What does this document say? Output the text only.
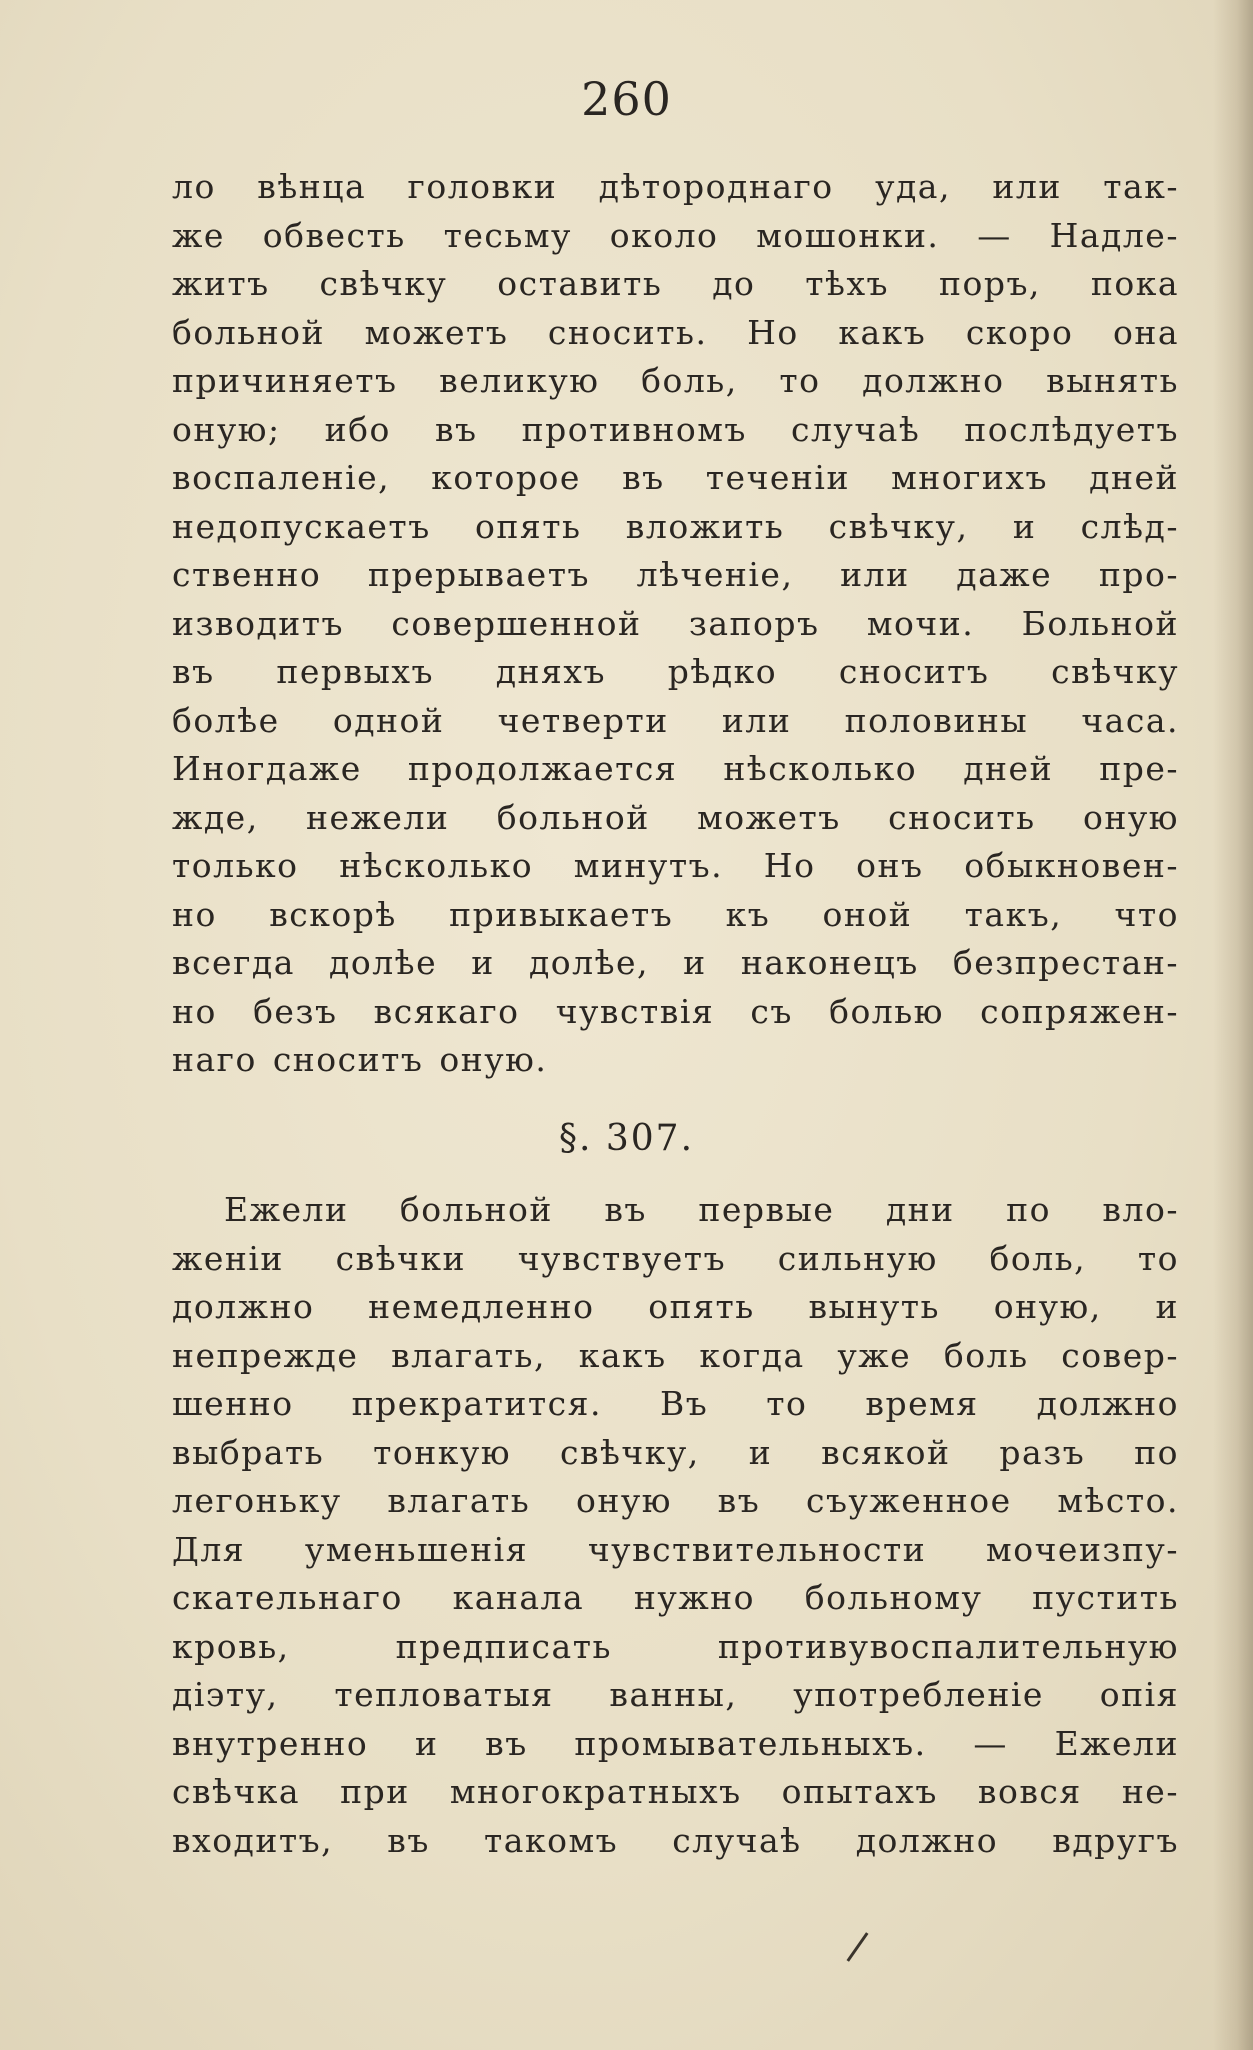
260
ло вѣнца головки дѣтороднаго уда, или так-
же обвесть тесьму около мошонки. — Надле-
житъ свѣчку оставить до тѣхъ поръ, пока
больной можетъ сносить. Но какъ скоро она
причиняетъ великую боль, то должно вынять
оную; ибо въ противномъ случаѣ послѣдуетъ
воспаленіе, которое въ теченіи многихъ дней
недопускаетъ опять вложить свѣчку, и слѣд-
ственно прерываетъ лѣченіе, или даже про-
изводитъ совершенной запоръ мочи. Больной
въ первыхъ дняхъ рѣдко сноситъ свѣчку
болѣе одной четверти или половины часа.
Иногдаже продолжается нѣсколько дней пре-
жде, нежели больной можетъ сносить оную
только нѣсколько минутъ. Но онъ обыкновен-
но вскорѣ привыкаетъ къ оной такъ, что
всегда долѣе и долѣе, и наконецъ безпрестан-
но безъ всякаго чувствія съ болью сопряжен-
наго сноситъ оную.
§. 307.
Ежели больной въ первые дни по вло-
женіи свѣчки чувствуетъ сильную боль, то
должно немедленно опять вынуть оную, и
непрежде влагать, какъ когда уже боль совер-
шенно прекратится. Въ то время должно
выбрать тонкую свѣчку, и всякой разъ по
легоньку влагать оную въ съуженное мѣсто.
Для уменьшенія чувствительности мочеизпу-
скательнаго канала нужно больному пустить
кровь, предписать противувоспалительную
діэту, тепловатыя ванны, употребленіе опія
внутренно и въ промывательныхъ. — Ежели
свѣчка при многократныхъ опытахъ вовся не-
входитъ, въ такомъ случаѣ должно вдругъ
